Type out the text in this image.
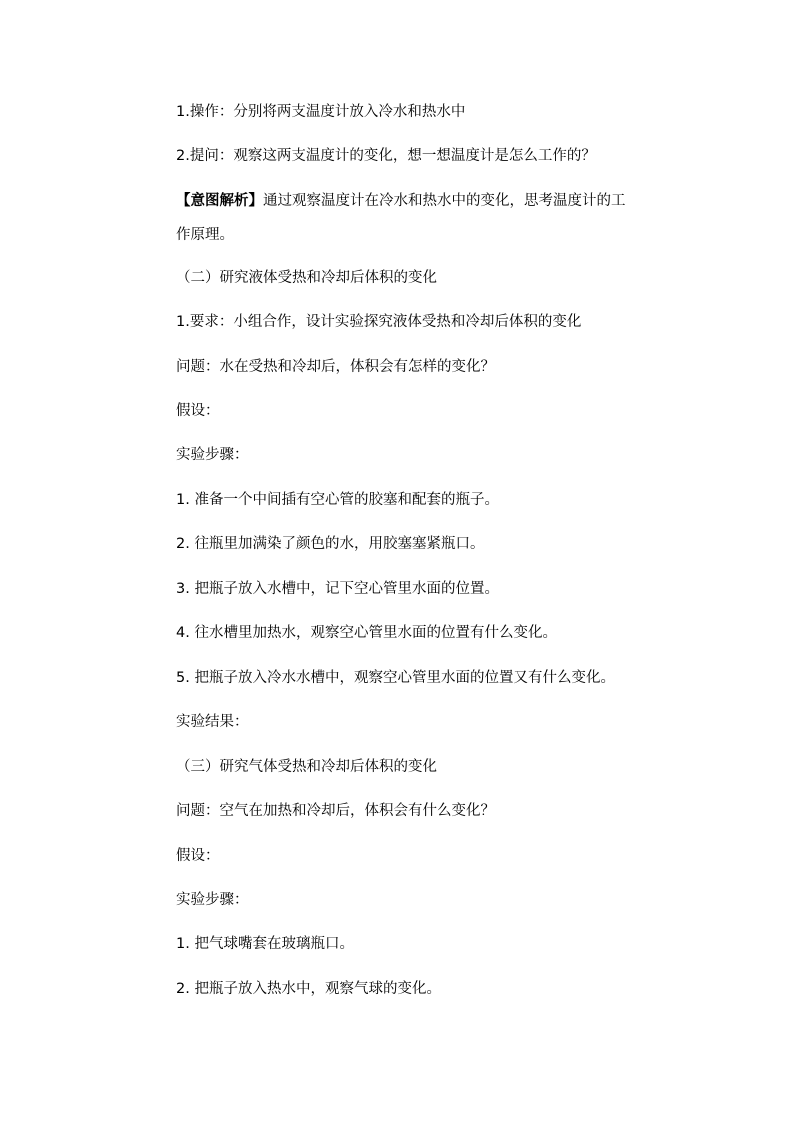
1.操作：分别将两支温度计放入冷水和热水中
2.提问：观察这两支温度计的变化，想一想温度计是怎么工作的？
【意图解析】通过观察温度计在冷水和热水中的变化，思考温度计的工
作原理。
（二）研究液体受热和冷却后体积的变化
1.要求：小组合作，设计实验探究液体受热和冷却后体积的变化
问题：水在受热和冷却后，体积会有怎样的变化？
假设：
实验步骤：
1. 准备一个中间插有空心管的胶塞和配套的瓶子。
2. 往瓶里加满染了颜色的水，用胶塞塞紧瓶口。
3. 把瓶子放入水槽中，记下空心管里水面的位置。
4. 往水槽里加热水，观察空心管里水面的位置有什么变化。
5. 把瓶子放入冷水水槽中，观察空心管里水面的位置又有什么变化。
实验结果：
（三）研究气体受热和冷却后体积的变化
问题：空气在加热和冷却后，体积会有什么变化？
假设：
实验步骤：
1. 把气球嘴套在玻璃瓶口。
2. 把瓶子放入热水中，观察气球的变化。
